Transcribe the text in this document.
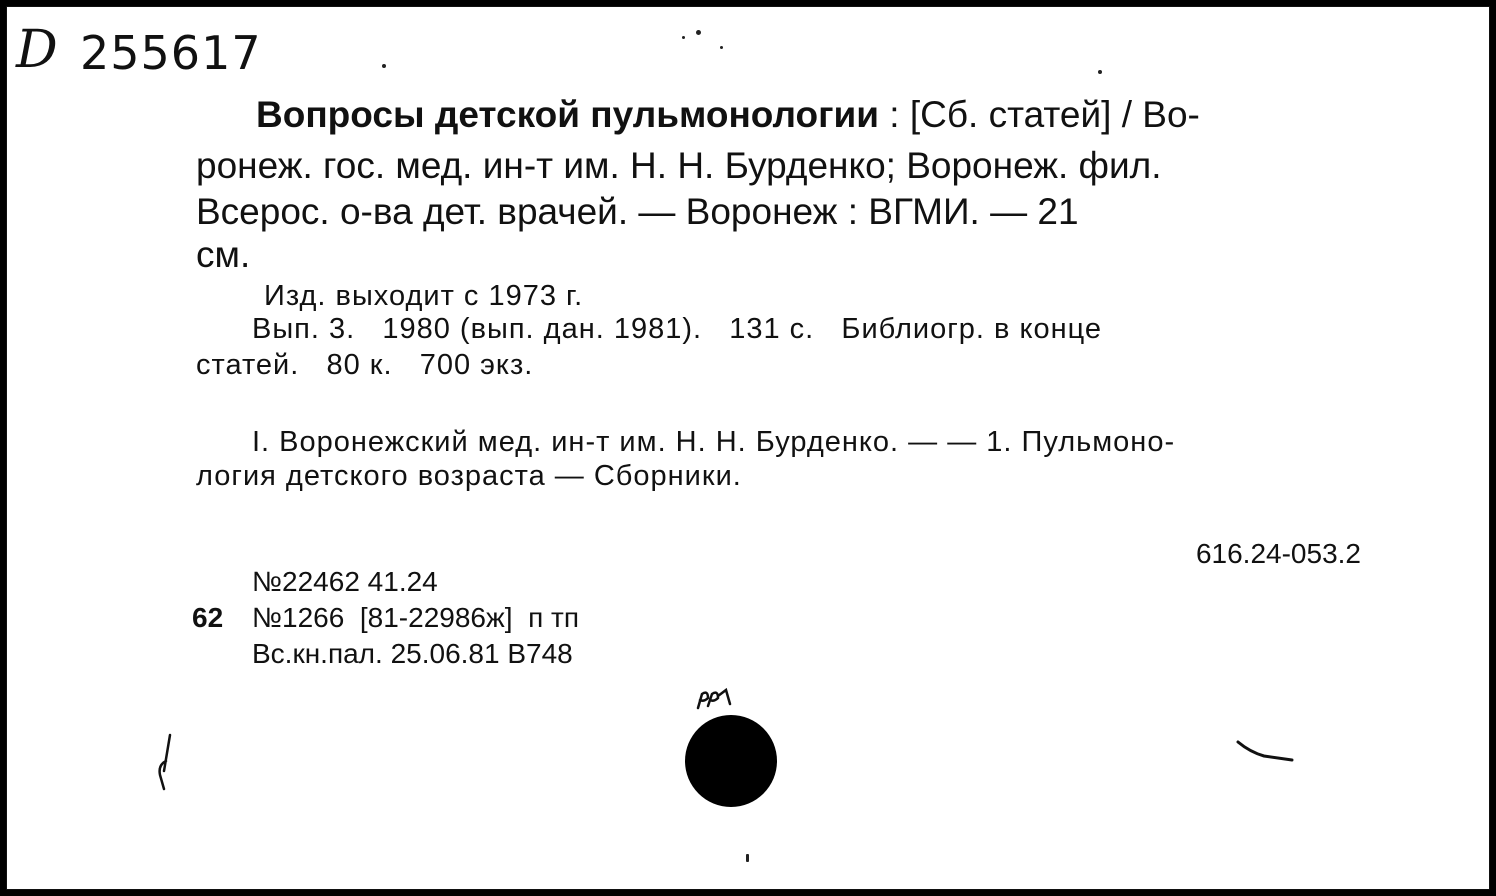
D 255617
Вопросы детской пульмонологии : [Сб. статей] / Во-
ронеж. гос. мед. ин-т им. Н. Н. Бурденко; Воронеж. фил.
Всерос. о-ва дет. врачей. — Воронеж : ВГМИ. — 21
см.
Изд. выходит с 1973 г.
Вып. 3.   1980 (вып. дан. 1981).   131 с.   Библиогр. в конце
статей.   80 к.   700 экз.
I. Воронежский мед. ин-т им. Н. Н. Бурденко. — — 1. Пульмоно-
логия детского возраста — Сборники.
616.24-053.2
№22462 41.24
62 №1266  [81-22986ж]  п тп
Вс.кн.пал. 25.06.81 В748
